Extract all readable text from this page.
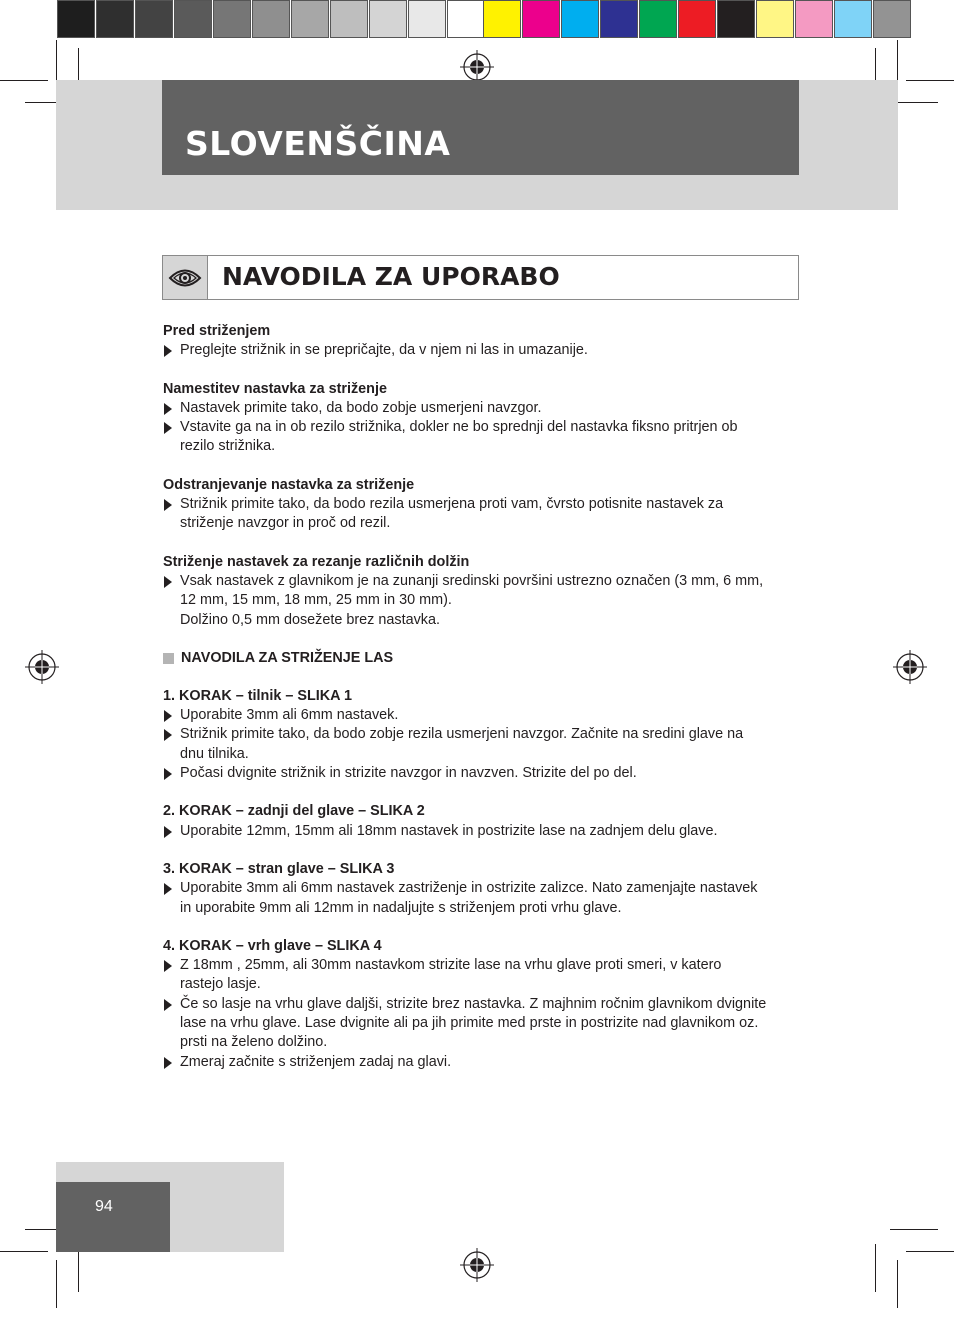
SLOVENŠČINA
NAVODILA ZA UPORABO
Pred striženjem
Preglejte strižnik in se prepričajte, da v njem ni las in umazanije.
Namestitev nastavka za striženje
Nastavek primite tako, da bodo zobje usmerjeni navzgor.
Vstavite ga na in ob rezilo strižnika, dokler ne bo sprednji del nastavka fiksno pritrjen ob
rezilo strižnika.
Odstranjevanje nastavka za striženje
Strižnik primite tako, da bodo rezila usmerjena proti vam, čvrsto potisnite nastavek za
striženje navzgor in proč od rezil.
Striženje nastavek za rezanje različnih dolžin
Vsak nastavek z glavnikom je na zunanji sredinski površini ustrezno označen (3 mm, 6 mm,
12 mm, 15 mm, 18 mm, 25 mm in 30 mm).
Dolžino 0,5 mm dosežete brez nastavka.
NAVODILA ZA STRIŽENJE LAS
1. KORAK – tilnik – SLIKA 1
Uporabite 3mm ali 6mm nastavek.
Strižnik primite tako, da bodo zobje rezila usmerjeni navzgor. Začnite na sredini glave na
dnu tilnika.
Počasi dvignite strižnik in strizite navzgor in navzven. Strizite del po del.
2. KORAK – zadnji del glave – SLIKA 2
Uporabite 12mm, 15mm ali 18mm nastavek in postrizite lase na zadnjem delu glave.
3. KORAK – stran glave – SLIKA 3
Uporabite 3mm ali 6mm nastavek zastriženje in ostrizite zalizce. Nato zamenjajte nastavek
in uporabite 9mm ali 12mm in nadaljujte s striženjem proti vrhu glave.
4. KORAK – vrh glave – SLIKA 4
Z 18mm , 25mm, ali 30mm nastavkom strizite lase na vrhu glave proti smeri, v katero
rastejo lasje.
Če so lasje na vrhu glave daljši, strizite brez nastavka. Z majhnim ročnim glavnikom dvignite
lase na vrhu glave. Lase dvignite ali pa jih primite med prste in postrizite nad glavnikom oz.
prsti na želeno dolžino.
Zmeraj začnite s striženjem zadaj na glavi.
94
